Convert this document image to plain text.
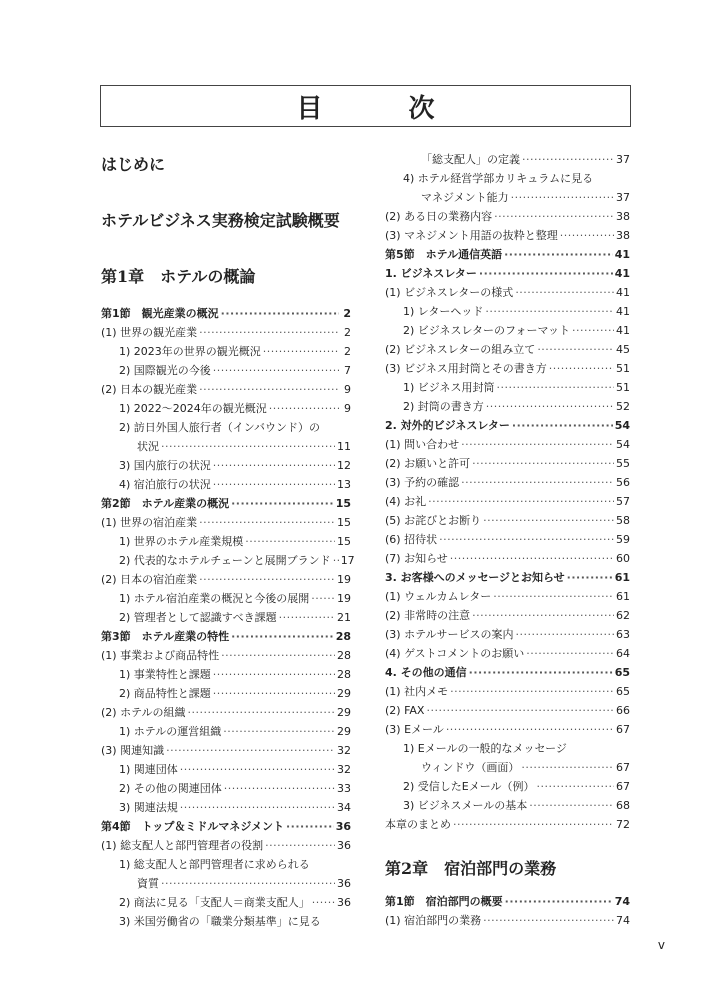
目　次
はじめに
ホテルビジネス実務検定試験概要
第1章　ホテルの概論
第1節　観光産業の概況 ·····	2
(1) 世界の観光産業 ·····	2
1) 2023年の世界の観光概況 ·····	2
2) 国際観光の今後 ·····	7
(2) 日本の観光産業 ·····	9
1) 2022～2024年の観光概況 ·····	9
2) 訪日外国人旅行者（インバウンド）の
状況 ·····	11
3) 国内旅行の状況 ·····	12
4) 宿泊旅行の状況 ·····	13
第2節　ホテル産業の概況 ·····	15
(1) 世界の宿泊産業 ·····	15
1) 世界のホテル産業規模 ·····	15
2) 代表的なホテルチェーンと展開ブランド ····· 17
(2) 日本の宿泊産業 ·····	19
1) ホテル宿泊産業の概況と今後の展開 ·····	19
2) 管理者として認識すべき課題 ·····	21
第3節　ホテル産業の特性 ·····	28
(1) 事業および商品特性 ·····	28
1) 事業特性と課題 ·····	28
2) 商品特性と課題 ·····	29
(2) ホテルの組織 ·····	29
1) ホテルの運営組織 ·····	29
(3) 関連知識 ·····	32
1) 関連団体 ·····	32
2) その他の関連団体 ·····	33
3) 関連法規 ·····	34
第4節　トップ＆ミドルマネジメント ·····	36
(1) 総支配人と部門管理者の役割 ·····	36
1) 総支配人と部門管理者に求められる
資質 ·····	36
2) 商法に見る「支配人＝商業支配人」 ····· 36
3) 米国労働省の「職業分類基準」に見る
「総支配人」の定義 ·····	37
4) ホテル経営学部カリキュラムに見る
マネジメント能力 ·····	37
(2) ある日の業務内容 ·····	38
(3) マネジメント用語の抜粋と整理 ·····	38
第5節　ホテル通信英語 ·····	41
1. ビジネスレター ·····	41
(1) ビジネスレターの様式 ·····	41
1) レターヘッド ·····	41
2) ビジネスレターのフォーマット ·····	41
(2) ビジネスレターの組み立て ·····	45
(3) ビジネス用封筒とその書き方 ·····	51
1) ビジネス用封筒 ·····	51
2) 封筒の書き方 ·····	52
2. 対外的ビジネスレター ·····	54
(1) 問い合わせ ·····	54
(2) お願いと許可 ·····	55
(3) 予約の確認 ·····	56
(4) お礼 ·····	57
(5) お詫びとお断り ·····	58
(6) 招待状 ·····	59
(7) お知らせ ·····	60
3. お客様へのメッセージとお知らせ ·····	61
(1) ウェルカムレター ·····	61
(2) 非常時の注意 ·····	62
(3) ホテルサービスの案内 ·····	63
(4) ゲストコメントのお願い ·····	64
4. その他の通信 ·····	65
(1) 社内メモ ·····	65
(2) FAX ·····	66
(3) Eメール ·····	67
1) Eメールの一般的なメッセージ
ウィンドウ（画面） ·····	67
2) 受信したEメール（例） ·····	67
3) ビジネスメールの基本 ·····	68
本章のまとめ ·····	72
第2章　宿泊部門の業務
第1節　宿泊部門の概要 ·····	74
(1) 宿泊部門の業務 ·····	74
v
